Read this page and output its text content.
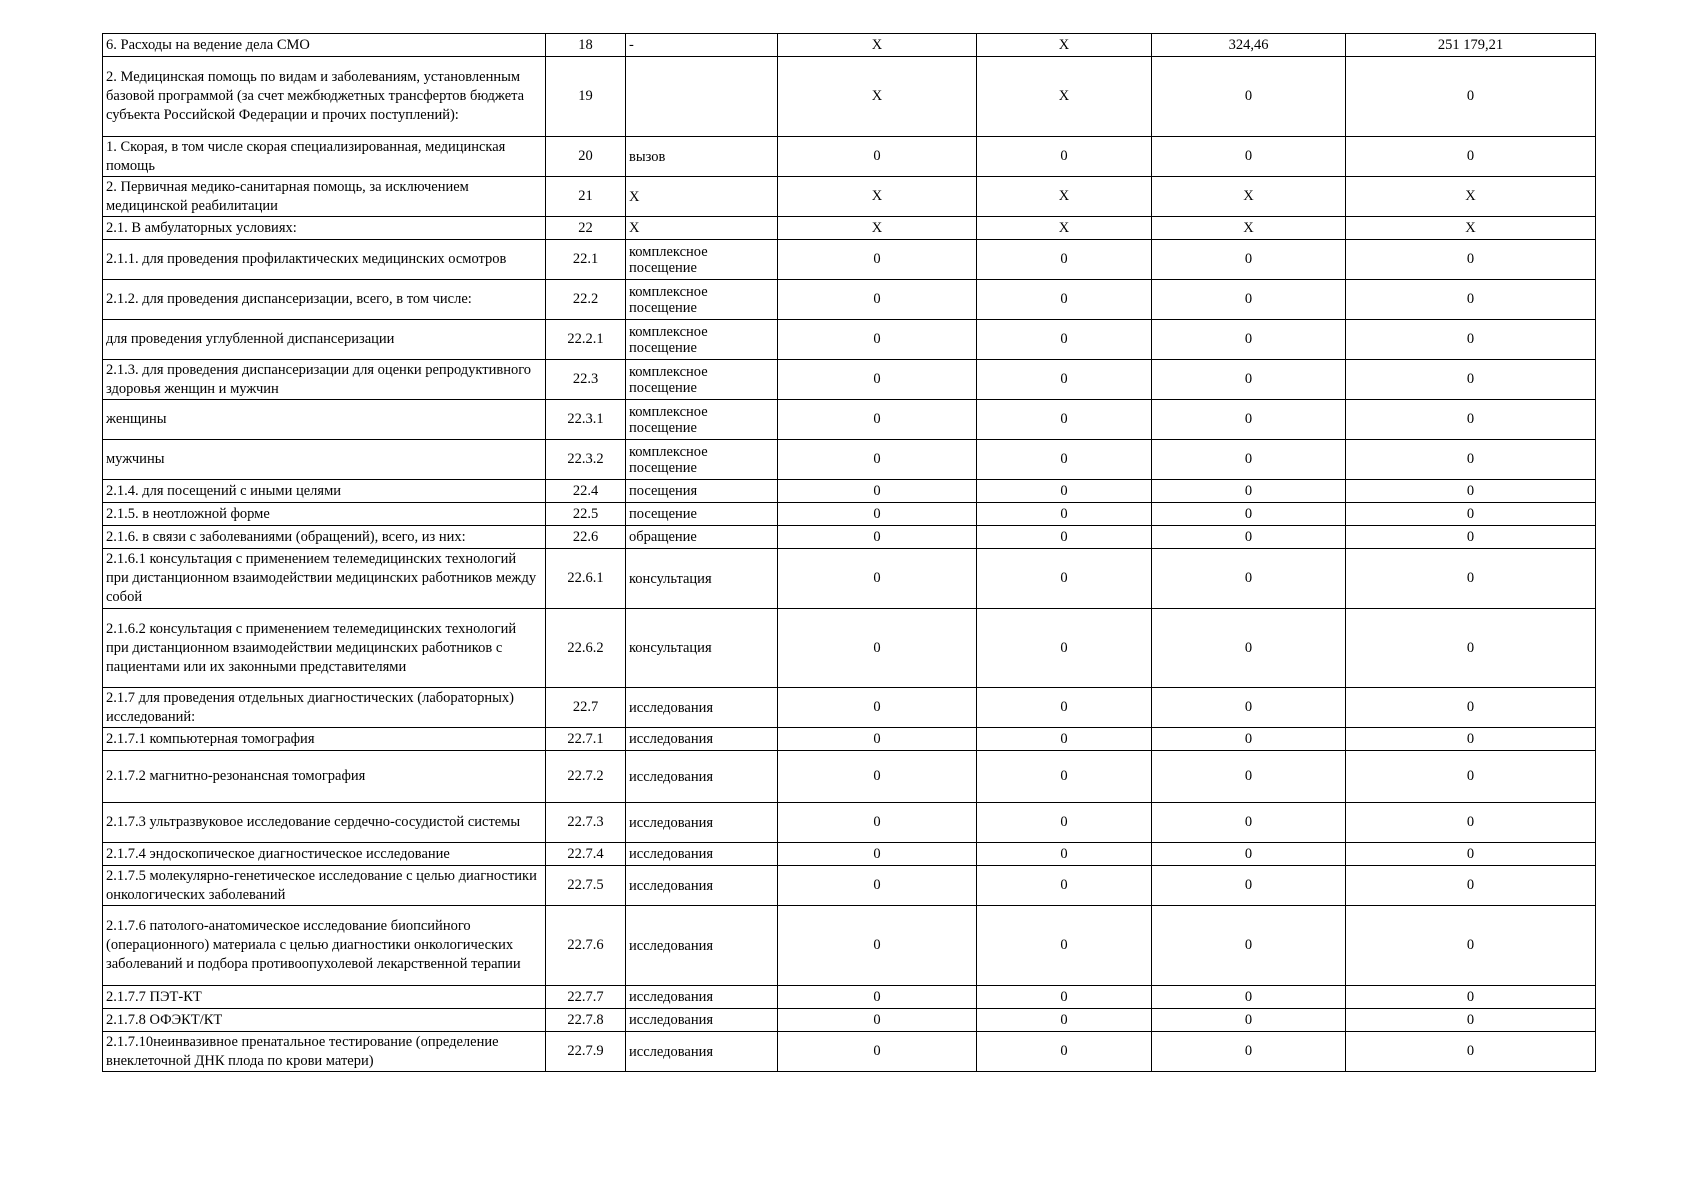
6. Расходы на ведение дела СМО	18	-	X	X	324,46	251 179,21
2. Медицинская помощь по видам и заболеваниям, установленным базовой программой (за счет межбюджетных трансфертов бюджета субъекта Российской Федерации и прочих поступлений):	19		X	X	0	0
1. Скорая, в том числе скорая специализированная, медицинская помощь	20	вызов	0	0	0	0
2. Первичная медико-санитарная помощь, за исключением медицинской реабилитации	21	X	X	X	X	X
2.1. В амбулаторных условиях:	22	X	X	X	X	X
2.1.1. для проведения профилактических медицинских осмотров	22.1	комплексное посещение	0	0	0	0
2.1.2. для проведения диспансеризации, всего, в том числе:	22.2	комплексное посещение	0	0	0	0
для проведения углубленной диспансеризации	22.2.1	комплексное посещение	0	0	0	0
2.1.3. для проведения диспансеризации для оценки репродуктивного здоровья женщин и мужчин	22.3	комплексное посещение	0	0	0	0
женщины	22.3.1	комплексное посещение	0	0	0	0
мужчины	22.3.2	комплексное посещение	0	0	0	0
2.1.4. для посещений с иными целями	22.4	посещения	0	0	0	0
2.1.5. в неотложной форме	22.5	посещение	0	0	0	0
2.1.6. в связи с заболеваниями (обращений), всего, из них:	22.6	обращение	0	0	0	0
2.1.6.1 консультация с применением телемедицинских технологий при дистанционном взаимодействии медицинских работников между собой	22.6.1	консультация	0	0	0	0
2.1.6.2 консультация с применением телемедицинских технологий при дистанционном взаимодействии медицинских работников с пациентами или их законными представителями	22.6.2	консультация	0	0	0	0
2.1.7 для проведения отдельных диагностических (лабораторных) исследований:	22.7	исследования	0	0	0	0
2.1.7.1 компьютерная томография	22.7.1	исследования	0	0	0	0
2.1.7.2 магнитно-резонансная томография	22.7.2	исследования	0	0	0	0
2.1.7.3 ультразвуковое исследование сердечно-сосудистой системы	22.7.3	исследования	0	0	0	0
2.1.7.4 эндоскопическое диагностическое исследование	22.7.4	исследования	0	0	0	0
2.1.7.5 молекулярно-генетическое исследование с целью диагностики онкологических заболеваний	22.7.5	исследования	0	0	0	0
2.1.7.6 патолого-анатомическое исследование биопсийного (операционного) материала с целью диагностики онкологических заболеваний и подбора противоопухолевой лекарственной терапии	22.7.6	исследования	0	0	0	0
2.1.7.7 ПЭТ-КТ	22.7.7	исследования	0	0	0	0
2.1.7.8 ОФЭКТ/КТ	22.7.8	исследования	0	0	0	0
2.1.7.10неинвазивное пренатальное тестирование (определение внеклеточной ДНК плода по крови матери)	22.7.9	исследования	0	0	0	0
